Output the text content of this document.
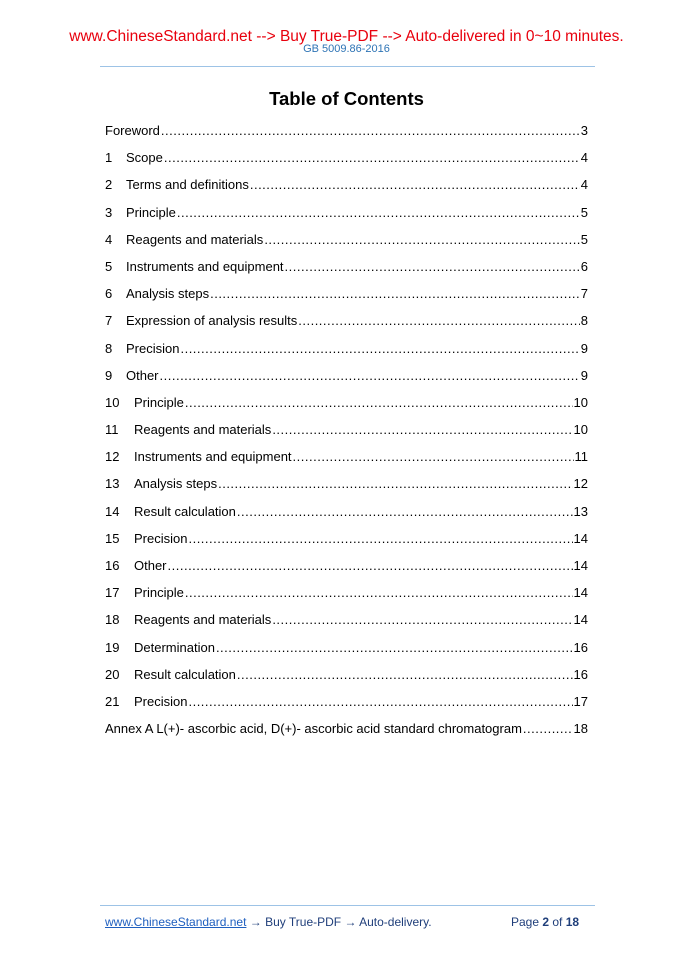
www.ChineseStandard.net --> Buy True-PDF --> Auto-delivered in 0~10 minutes.
GB 5009.86-2016
Table of Contents
Foreword .....	3
1	Scope .....	4
2	Terms and definitions .....	4
3	Principle .....	5
4	Reagents and materials .....	5
5	Instruments and equipment .....	6
6	Analysis steps .....	7
7	Expression of analysis results .....	8
8	Precision .....	9
9	Other .....	9
10	Principle .....	10
11	Reagents and materials .....	10
12	Instruments and equipment .....	11
13	Analysis steps .....	12
14	Result calculation .....	13
15	Precision .....	14
16	Other .....	14
17	Principle .....	14
18	Reagents and materials .....	14
19	Determination .....	16
20	Result calculation .....	16
21	Precision .....	17
Annex A L(+)- ascorbic acid, D(+)- ascorbic acid standard chromatogram .....	18
www.ChineseStandard.net → Buy True-PDF → Auto-delivery.	Page 2 of 18
